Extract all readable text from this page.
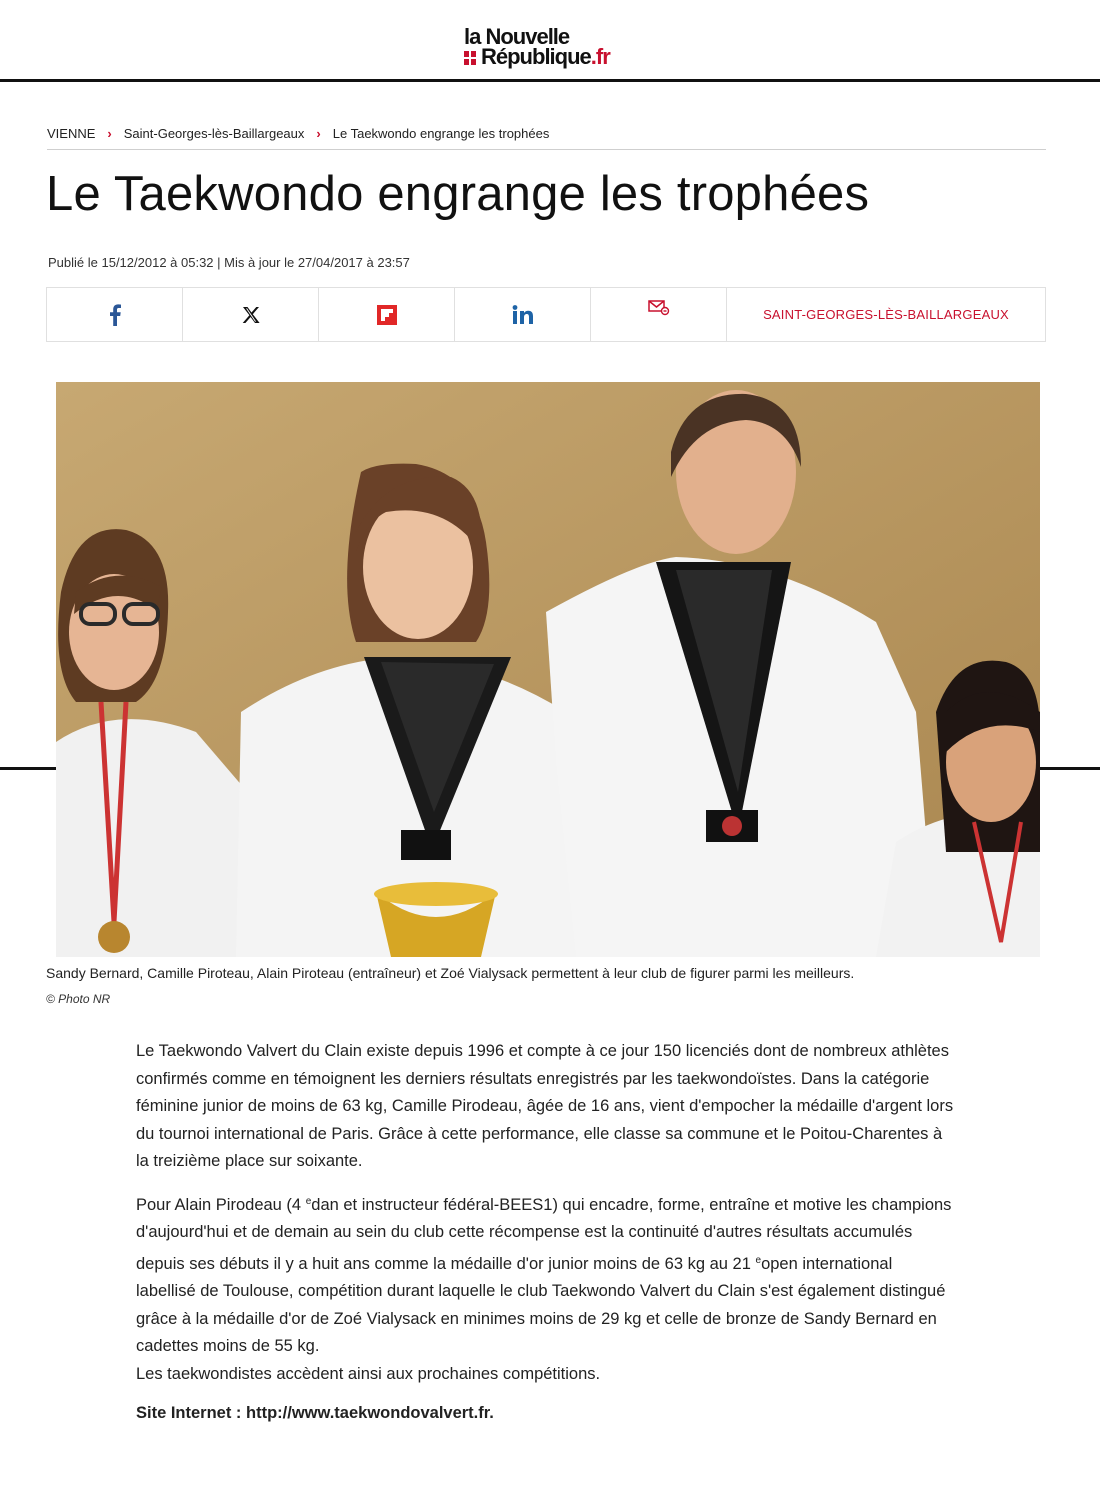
la Nouvelle
République.fr
VIENNE › Saint-Georges-lès-Baillargeaux › Le Taekwondo engrange les trophées
Le Taekwondo engrange les trophées
Publié le 15/12/2012 à 05:32 | Mis à jour le 27/04/2017 à 23:57
SAINT-GEORGES-LÈS-BAILLARGEAUX
Sandy Bernard, Camille Piroteau, Alain Piroteau (entraîneur) et Zoé Vialysack permettent à leur club de figurer parmi les meilleurs.
© Photo NR

Le Taekwondo Valvert du Clain existe depuis 1996 et compte à ce jour 150 licenciés dont de nombreux athlètes confirmés comme en témoignent les derniers résultats enregistrés par les taekwondoïstes. Dans la catégorie féminine junior de moins de 63 kg, Camille Pirodeau, âgée de 16 ans, vient d'empocher la médaille d'argent lors du tournoi international de Paris. Grâce à cette performance, elle classe sa commune et le Poitou-Charentes à la treizième place sur soixante.

Pour Alain Pirodeau (4 $^e$dan et instructeur fédéral-BEES1) qui encadre, forme, entraîne et motive les champions d'aujourd'hui et de demain au sein du club cette récompense est la continuité d'autres résultats accumulés depuis ses débuts il y a huit ans comme la médaille d'or junior moins de 63 kg au 21 $^e$open international labellisé de Toulouse, compétition durant laquelle le club Taekwondo Valvert du Clain s'est également distingué grâce à la médaille d'or de Zoé Vialysack en minimes moins de 29 kg et celle de bronze de Sandy Bernard en cadettes moins de 55 kg.

Les taekwondistes accèdent ainsi aux prochaines compétitions.

Site Internet : http://www.taekwondovalvert.fr.
